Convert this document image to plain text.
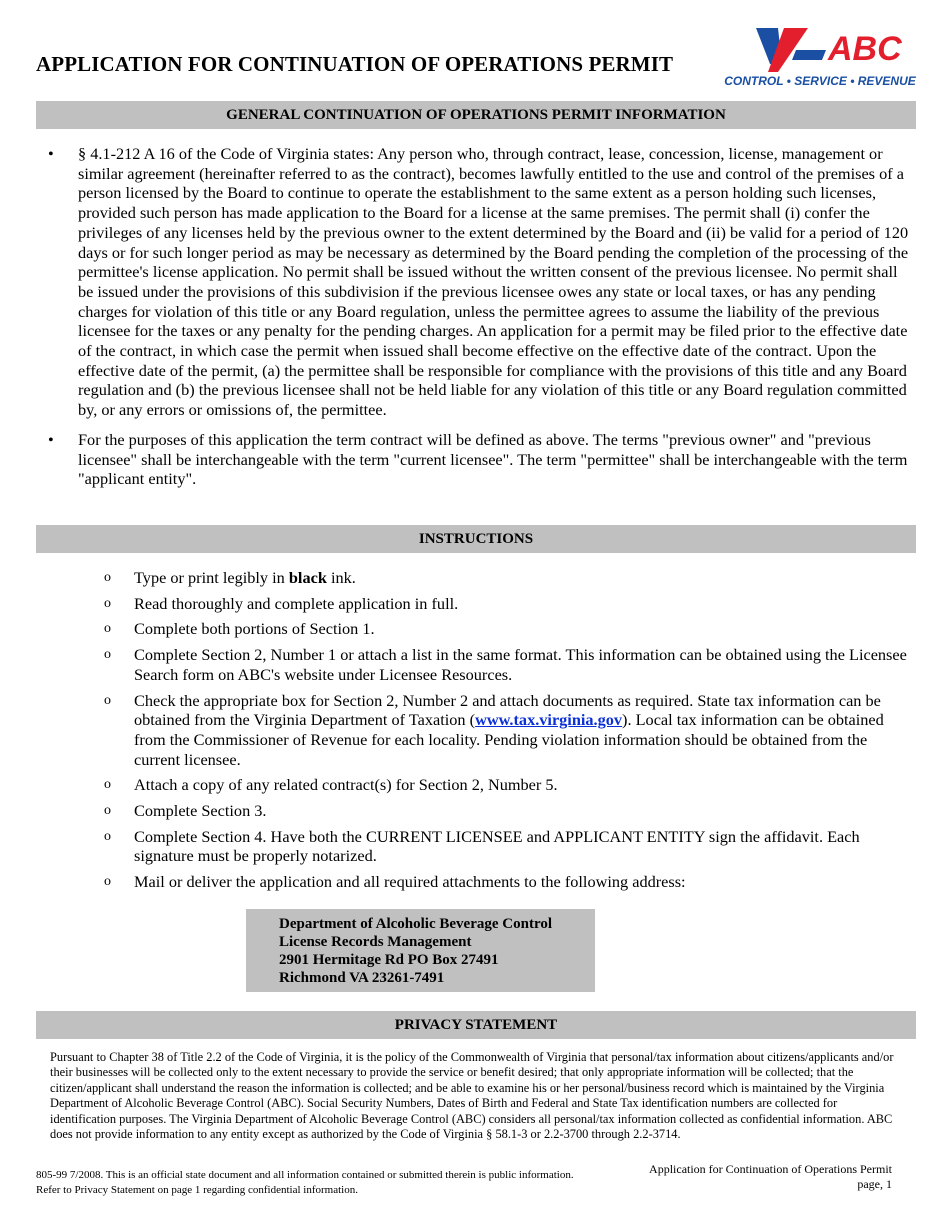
APPLICATION FOR CONTINUATION OF OPERATIONS PERMIT	ABC
CONTROL • SERVICE • REVENUE
GENERAL CONTINUATION OF OPERATIONS PERMIT INFORMATION
• § 4.1-212 A 16 of the Code of Virginia states: Any person who, through contract, lease, concession, license, management or similar agreement (hereinafter referred to as the contract), becomes lawfully entitled to the use and control of the premises of a person licensed by the Board to continue to operate the establishment to the same extent as a person holding such licenses, provided such person has made application to the Board for a license at the same premises. The permit shall (i) confer the privileges of any licenses held by the previous owner to the extent determined by the Board and (ii) be valid for a period of 120 days or for such longer period as may be necessary as determined by the Board pending the completion of the processing of the permittee's license application. No permit shall be issued without the written consent of the previous licensee. No permit shall be issued under the provisions of this subdivision if the previous licensee owes any state or local taxes, or has any pending charges for violation of this title or any Board regulation, unless the permittee agrees to assume the liability of the previous licensee for the taxes or any penalty for the pending charges. An application for a permit may be filed prior to the effective date of the contract, in which case the permit when issued shall become effective on the effective date of the contract. Upon the effective date of the permit, (a) the permittee shall be responsible for compliance with the provisions of this title and any Board regulation and (b) the previous licensee shall not be held liable for any violation of this title or any Board regulation committed by, or any errors or omissions of, the permittee.
• For the purposes of this application the term contract will be defined as above. The terms "previous owner" and "previous licensee" shall be interchangeable with the term "current licensee". The term "permittee" shall be interchangeable with the term "applicant entity".
INSTRUCTIONS
o Type or print legibly in black ink.
o Read thoroughly and complete application in full.
o Complete both portions of Section 1.
o Complete Section 2, Number 1 or attach a list in the same format. This information can be obtained using the Licensee Search form on ABC's website under Licensee Resources.
o Check the appropriate box for Section 2, Number 2 and attach documents as required. State tax information can be obtained from the Virginia Department of Taxation (www.tax.virginia.gov). Local tax information can be obtained from the Commissioner of Revenue for each locality. Pending violation information should be obtained from the current licensee.
o Attach a copy of any related contract(s) for Section 2, Number 5.
o Complete Section 3.
o Complete Section 4. Have both the CURRENT LICENSEE and APPLICANT ENTITY sign the affidavit. Each signature must be properly notarized.
o Mail or deliver the application and all required attachments to the following address:
Department of Alcoholic Beverage Control
License Records Management
2901 Hermitage Rd PO Box 27491
Richmond VA 23261-7491
PRIVACY STATEMENT

Pursuant to Chapter 38 of Title 2.2 of the Code of Virginia, it is the policy of the Commonwealth of Virginia that personal/tax information about citizens/applicants and/or their businesses will be collected only to the extent necessary to provide the service or benefit desired; that only appropriate information will be collected; that the citizen/applicant shall understand the reason the information is collected; and be able to examine his or her personal/business record which is maintained by the Virginia Department of Alcoholic Beverage Control (ABC). Social Security Numbers, Dates of Birth and Federal and State Tax identification numbers are collected for identification purposes. The Virginia Department of Alcoholic Beverage Control (ABC) considers all personal/tax information collected as confidential information. ABC does not provide information to any entity except as authorized by the Code of Virginia § 58.1-3 or 2.2-3700 through 2.2-3714.

805-99 7/2008. This is an official state document and all information contained or submitted therein is public information.
Refer to Privacy Statement on page 1 regarding confidential information.
Application for Continuation of Operations Permit
page, 1
